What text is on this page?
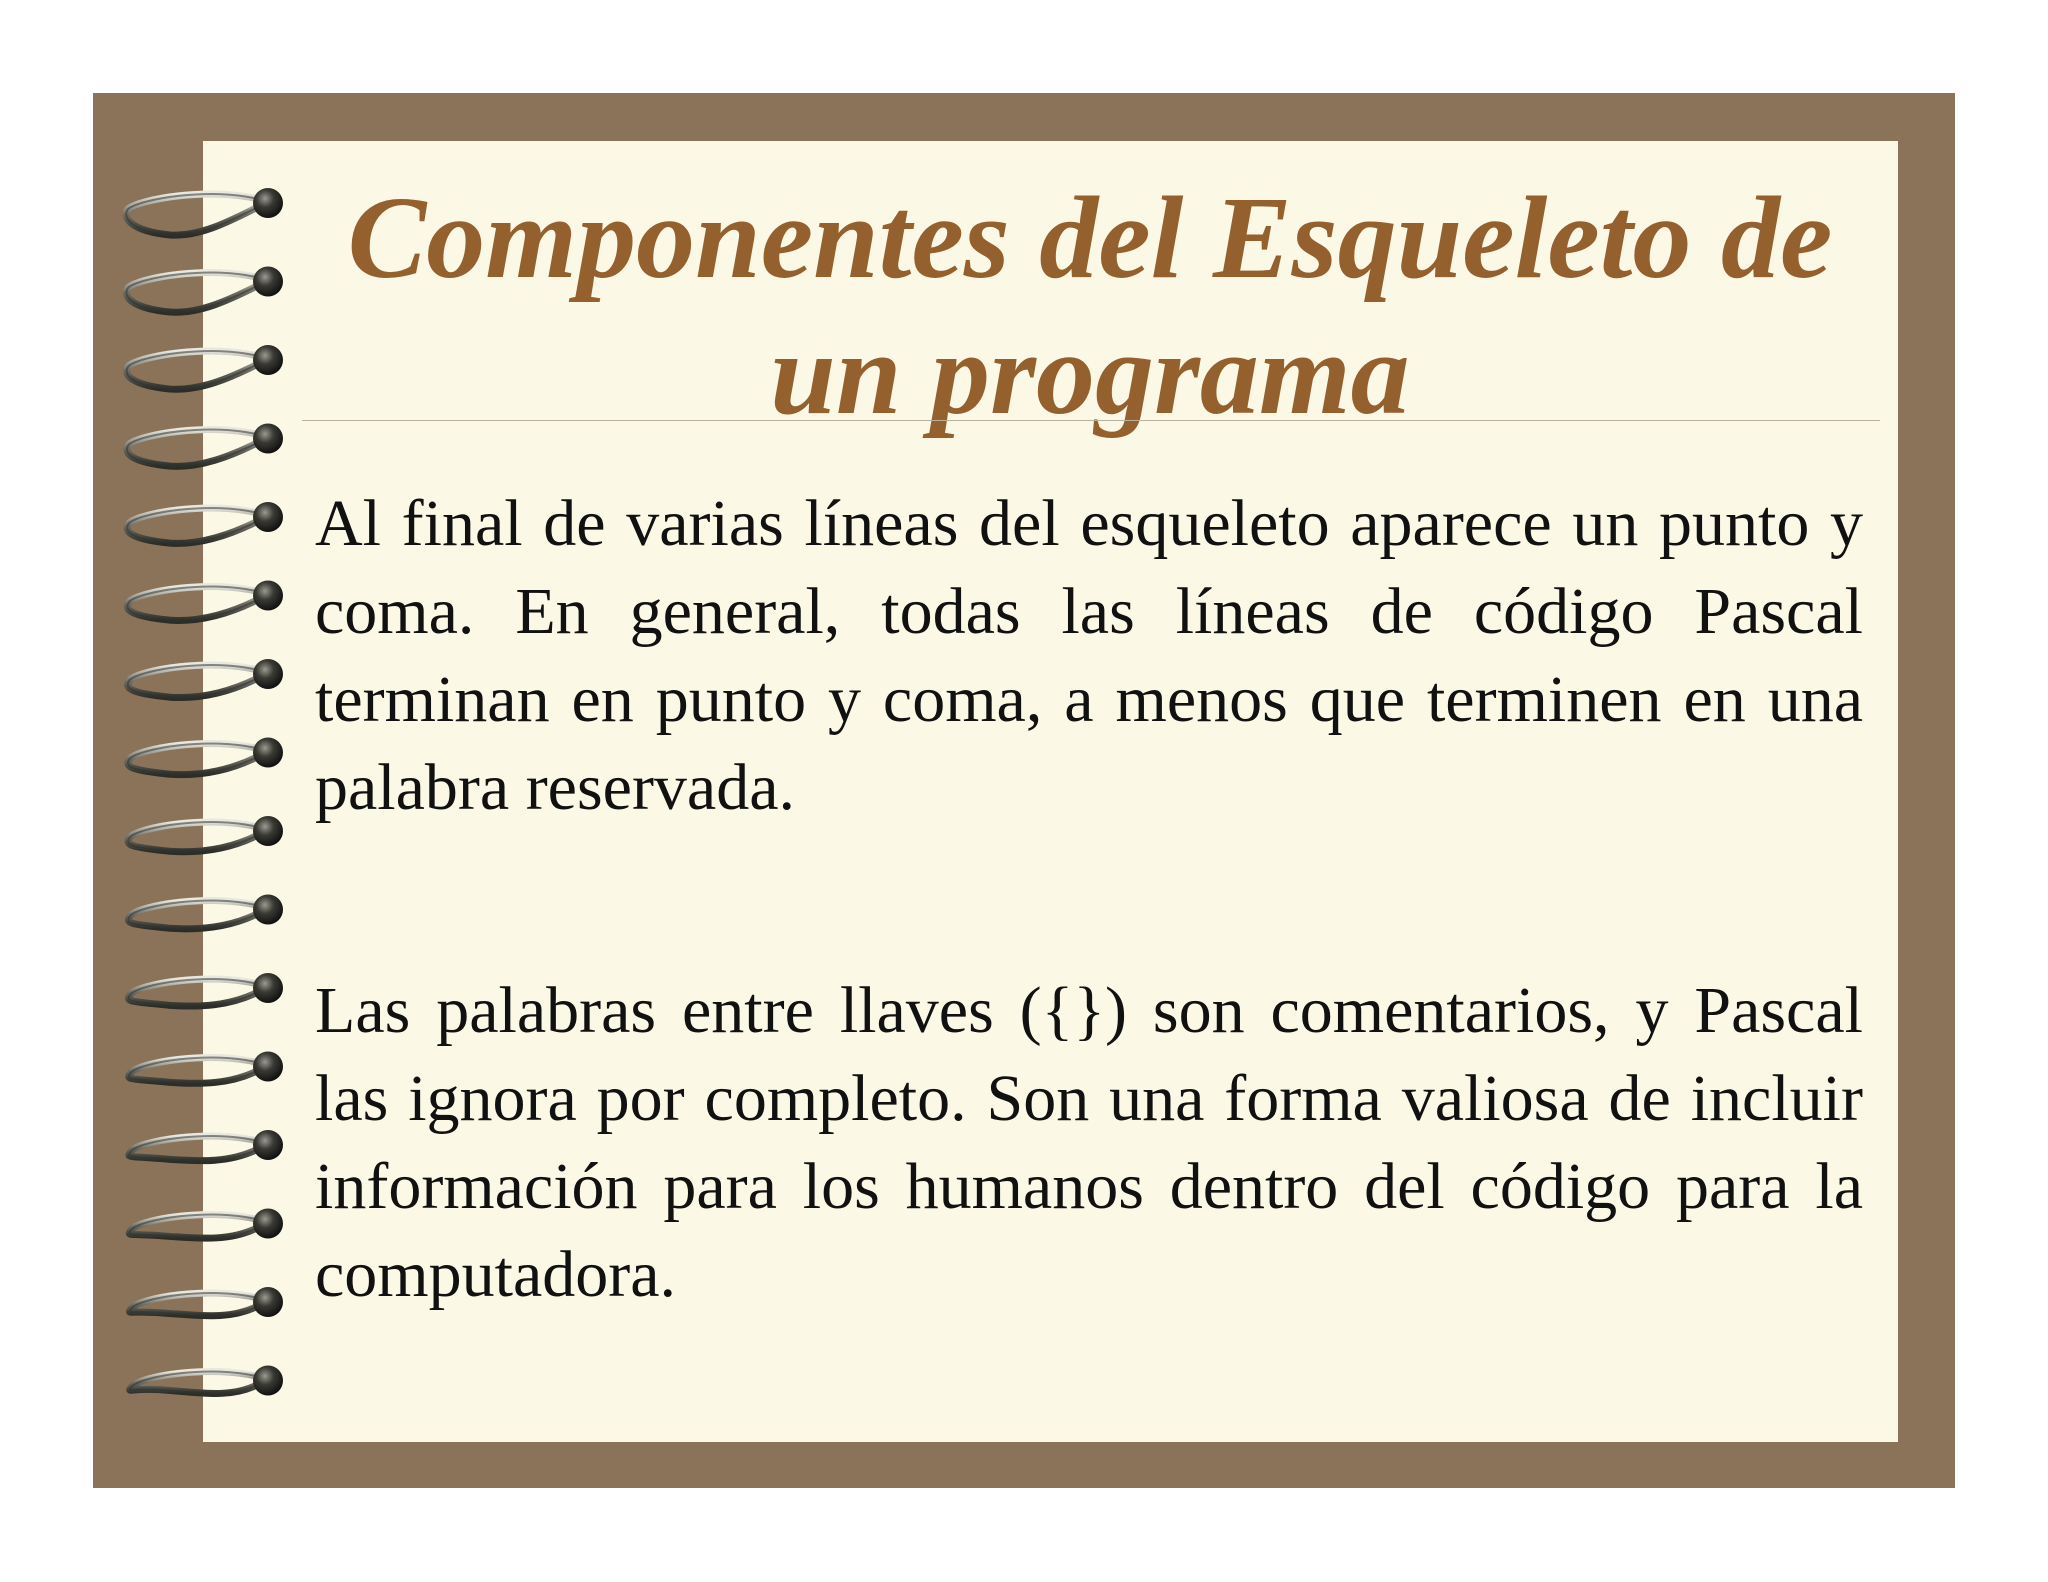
Componentes del Esqueleto de un programa

Al final de varias líneas del esqueleto aparece un punto y coma. En general, todas las líneas de código Pascal terminan en punto y coma, a menos que terminen en una palabra reservada.

Las palabras entre llaves ({}) son comentarios, y Pascal las ignora por completo. Son una forma valiosa de incluir información para los humanos dentro del código para la computadora.
